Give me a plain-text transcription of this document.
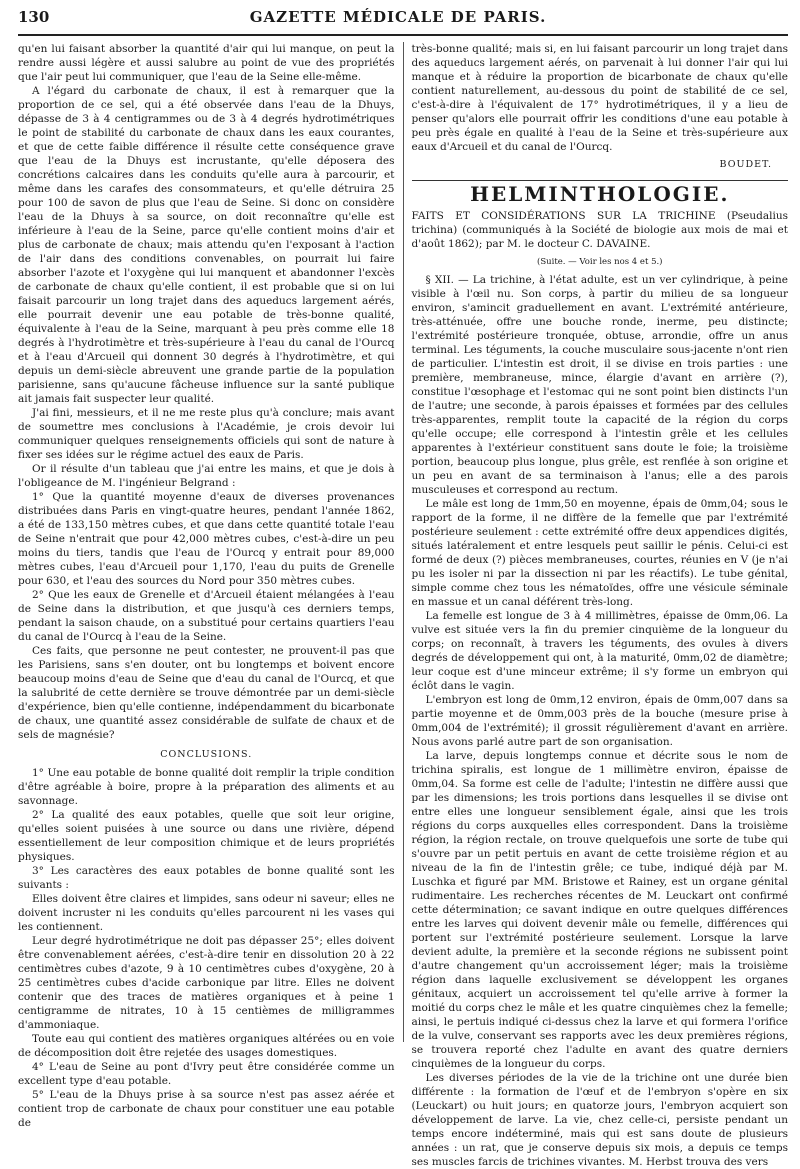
130	GAZETTE MÉDICALE DE PARIS.

qu'en lui faisant absorber la quantité d'air qui lui manque, on peut la rendre aussi légère et aussi salubre au point de vue des propriétés que l'air peut lui communiquer, que l'eau de la Seine elle-même.

A l'égard du carbonate de chaux, il est à remarquer que la proportion de ce sel, qui a été observée dans l'eau de la Dhuys, dépasse de 3 à 4 centigrammes ou de 3 à 4 degrés hydrotimétriques le point de stabilité du carbonate de chaux dans les eaux courantes, et que de cette faible différence il résulte cette conséquence grave que l'eau de la Dhuys est incrustante, qu'elle déposera des concrétions calcaires dans les conduits qu'elle aura à parcourir, et même dans les carafes des consommateurs, et qu'elle détruira 25 pour 100 de savon de plus que l'eau de Seine. Si donc on considère l'eau de la Dhuys à sa source, on doit reconnaître qu'elle est inférieure à l'eau de la Seine, parce qu'elle contient moins d'air et plus de carbonate de chaux; mais attendu qu'en l'exposant à l'action de l'air dans des conditions convenables, on pourrait lui faire absorber l'azote et l'oxygène qui lui manquent et abandonner l'excès de carbonate de chaux qu'elle contient, il est probable que si on lui faisait parcourir un long trajet dans des aqueducs largement aérés, elle pourrait devenir une eau potable de très-bonne qualité, équivalente à l'eau de la Seine, marquant à peu près comme elle 18 degrés à l'hydrotimètre et très-supérieure à l'eau du canal de l'Ourcq et à l'eau d'Arcueil qui donnent 30 degrés à l'hydrotimètre, et qui depuis un demi-siècle abreuvent une grande partie de la population parisienne, sans qu'aucune fâcheuse influence sur la santé publique ait jamais fait suspecter leur qualité.

J'ai fini, messieurs, et il ne me reste plus qu'à conclure; mais avant de soumettre mes conclusions à l'Académie, je crois devoir lui communiquer quelques renseignements officiels qui sont de nature à fixer ses idées sur le régime actuel des eaux de Paris.

Or il résulte d'un tableau que j'ai entre les mains, et que je dois à l'obligeance de M. l'ingénieur Belgrand :

1° Que la quantité moyenne d'eaux de diverses provenances distribuées dans Paris en vingt-quatre heures, pendant l'année 1862, a été de 133,150 mètres cubes, et que dans cette quantité totale l'eau de Seine n'entrait que pour 42,000 mètres cubes, c'est-à-dire un peu moins du tiers, tandis que l'eau de l'Ourcq y entrait pour 89,000 mètres cubes, l'eau d'Arcueil pour 1,170, l'eau du puits de Grenelle pour 630, et l'eau des sources du Nord pour 350 mètres cubes.

2° Que les eaux de Grenelle et d'Arcueil étaient mélangées à l'eau de Seine dans la distribution, et que jusqu'à ces derniers temps, pendant la saison chaude, on a substitué pour certains quartiers l'eau du canal de l'Ourcq à l'eau de la Seine.

Ces faits, que personne ne peut contester, ne prouvent-il pas que les Parisiens, sans s'en douter, ont bu longtemps et boivent encore beaucoup moins d'eau de Seine que d'eau du canal de l'Ourcq, et que la salubrité de cette dernière se trouve démontrée par un demi-siècle d'expérience, bien qu'elle contienne, indépendamment du bicarbonate de chaux, une quantité assez considérable de sulfate de chaux et de sels de magnésie?

CONCLUSIONS.

1° Une eau potable de bonne qualité doit remplir la triple condition d'être agréable à boire, propre à la préparation des aliments et au savonnage.

2° La qualité des eaux potables, quelle que soit leur origine, qu'elles soient puisées à une source ou dans une rivière, dépend essentiellement de leur composition chimique et de leurs propriétés physiques.

3° Les caractères des eaux potables de bonne qualité sont les suivants :

Elles doivent être claires et limpides, sans odeur ni saveur; elles ne doivent incruster ni les conduits qu'elles parcourent ni les vases qui les contiennent.

Leur degré hydrotimétrique ne doit pas dépasser 25°; elles doivent être convenablement aérées, c'est-à-dire tenir en dissolution 20 à 22 centimètres cubes d'azote, 9 à 10 centimètres cubes d'oxygène, 20 à 25 centimètres cubes d'acide carbonique par litre. Elles ne doivent contenir que des traces de matières organiques et à peine 1 centigramme de nitrates, 10 à 15 centièmes de milligrammes d'ammoniaque.

Toute eau qui contient des matières organiques altérées ou en voie de décomposition doit être rejetée des usages domestiques.

4° L'eau de Seine au pont d'Ivry peut être considérée comme un excellent type d'eau potable.

5° L'eau de la Dhuys prise à sa source n'est pas assez aérée et contient trop de carbonate de chaux pour constituer une eau potable de

très-bonne qualité; mais si, en lui faisant parcourir un long trajet dans des aqueducs largement aérés, on parvenait à lui donner l'air qui lui manque et à réduire la proportion de bicarbonate de chaux qu'elle contient naturellement, au-dessous du point de stabilité de ce sel, c'est-à-dire à l'équivalent de 17° hydrotimétriques, il y a lieu de penser qu'alors elle pourrait offrir les conditions d'une eau potable à peu près égale en qualité à l'eau de la Seine et très-supérieure aux eaux d'Arcueil et du canal de l'Ourcq.

BOUDET.

HELMINTHOLOGIE.

FAITS ET CONSIDÉRATIONS SUR LA TRICHINE (Pseudalius trichina) (communiqués à la Société de biologie aux mois de mai et d'août 1862); par M. le docteur C. DAVAINE.

(Suite. — Voir les nos 4 et 5.)

§ XII. — La trichine, à l'état adulte, est un ver cylindrique, à peine visible à l'œil nu. Son corps, à partir du milieu de sa longueur environ, s'amincit graduellement en avant. L'extrémité antérieure, très-atténuée, offre une bouche ronde, inerme, peu distincte; l'extrémité postérieure tronquée, obtuse, arrondie, offre un anus terminal. Les téguments, la couche musculaire sous-jacente n'ont rien de particulier. L'intestin est droit, il se divise en trois parties : une première, membraneuse, mince, élargie d'avant en arrière (?), constitue l'œsophage et l'estomac qui ne sont point bien distincts l'un de l'autre; une seconde, à parois épaisses et formées par des cellules très-apparentes, remplit toute la capacité de la région du corps qu'elle occupe; elle correspond à l'intestin grêle et les cellules apparentes à l'extérieur constituent sans doute le foie; la troisième portion, beaucoup plus longue, plus grêle, est renflée à son origine et un peu en avant de sa terminaison à l'anus; elle a des parois musculeuses et correspond au rectum.

Le mâle est long de 1mm,50 en moyenne, épais de 0mm,04; sous le rapport de la forme, il ne diffère de la femelle que par l'extrémité postérieure seulement : cette extrémité offre deux appendices digités, situés latéralement et entre lesquels peut saillir le pénis. Celui-ci est formé de deux (?) pièces membraneuses, courtes, réunies en V (je n'ai pu les isoler ni par la dissection ni par les réactifs). Le tube génital, simple comme chez tous les nématoïdes, offre une vésicule séminale en massue et un canal déférent très-long.

La femelle est longue de 3 à 4 millimètres, épaisse de 0mm,06. La vulve est située vers la fin du premier cinquième de la longueur du corps; on reconnaît, à travers les téguments, des ovules à divers degrés de développement qui ont, à la maturité, 0mm,02 de diamètre; leur coque est d'une minceur extrême; il s'y forme un embryon qui éclôt dans le vagin.

L'embryon est long de 0mm,12 environ, épais de 0mm,007 dans sa partie moyenne et de 0mm,003 près de la bouche (mesure prise à 0mm,004 de l'extrémité); il grossit régulièrement d'avant en arrière. Nous avons parlé autre part de son organisation.

La larve, depuis longtemps connue et décrite sous le nom de trichina spiralis, est longue de 1 millimètre environ, épaisse de 0mm,04. Sa forme est celle de l'adulte; l'intestin ne diffère aussi que par les dimensions; les trois portions dans lesquelles il se divise ont entre elles une longueur sensiblement égale, ainsi que les trois régions du corps auxquelles elles correspondent. Dans la troisième région, la région rectale, on trouve quelquefois une sorte de tube qui s'ouvre par un petit pertuis en avant de cette troisième région et au niveau de la fin de l'intestin grêle; ce tube, indiqué déjà par M. Luschka et figuré par MM. Bristowe et Rainey, est un organe génital rudimentaire. Les recherches récentes de M. Leuckart ont confirmé cette détermination; ce savant indique en outre quelques différences entre les larves qui doivent devenir mâle ou femelle, différences qui portent sur l'extrémité postérieure seulement. Lorsque la larve devient adulte, la première et la seconde régions ne subissent point d'autre changement qu'un accroissement léger; mais la troisième région dans laquelle exclusivement se développent les organes génitaux, acquiert un accroissement tel qu'elle arrive à former la moitié du corps chez le mâle et les quatre cinquièmes chez la femelle; ainsi, le pertuis indiqué ci-dessus chez la larve et qui formera l'orifice de la vulve, conservant ses rapports avec les deux premières régions, se trouvera reporté chez l'adulte en avant des quatre derniers cinquièmes de la longueur du corps.

Les diverses périodes de la vie de la trichine ont une durée bien différente : la formation de l'œuf et de l'embryon s'opère en six (Leuckart) ou huit jours; en quatorze jours, l'embryon acquiert son développement de larve. La vie, chez celle-ci, persiste pendant un temps encore indéterminé, mais qui est sans doute de plusieurs années : un rat, que je conserve depuis six mois, a depuis ce temps ses muscles farcis de trichines vivantes. M. Herbst trouva des vers
